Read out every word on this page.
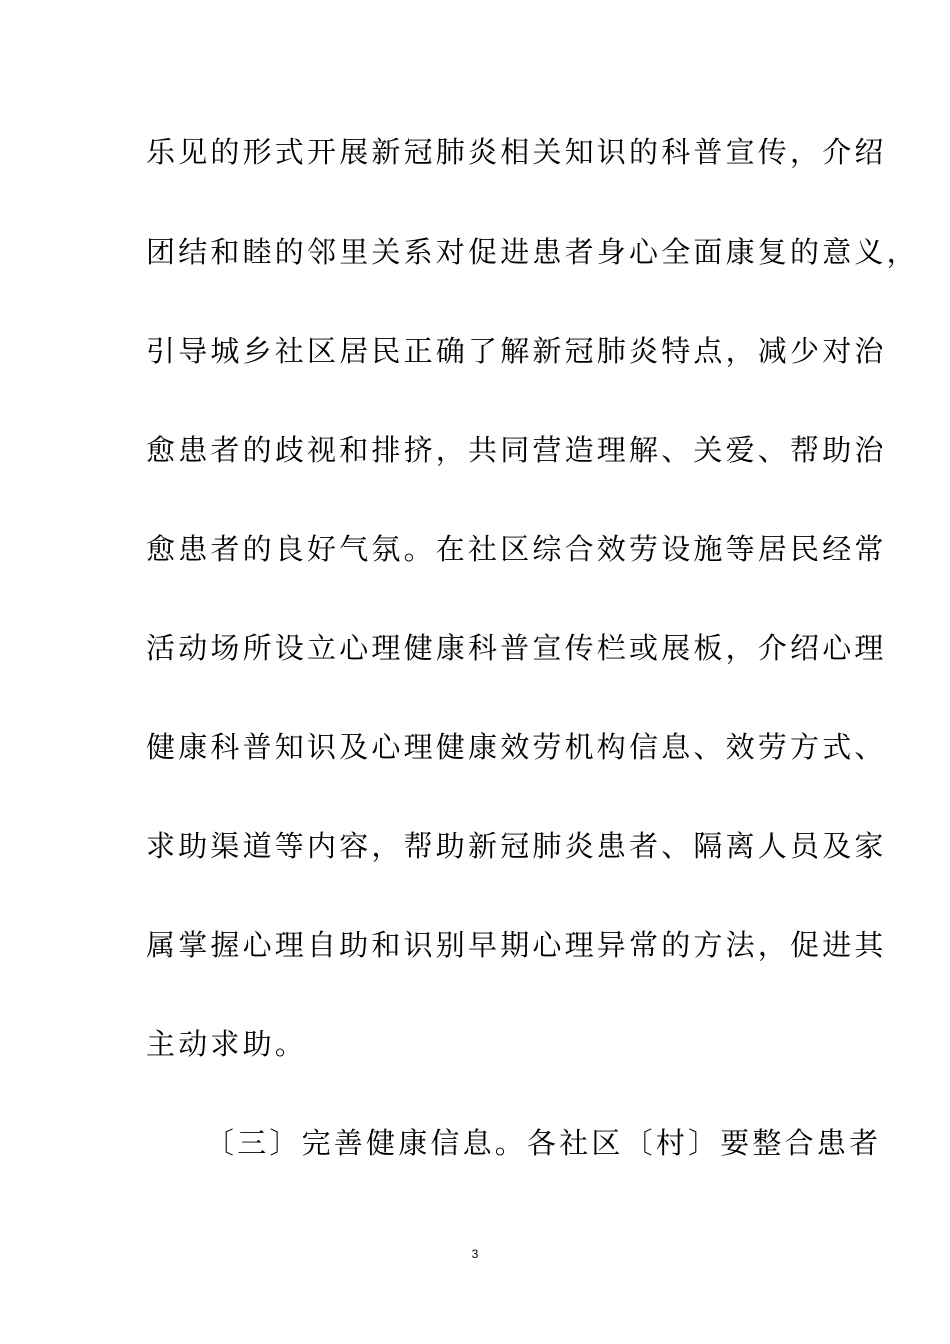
乐见的形式开展新冠肺炎相关知识的科普宣传，介绍
团结和睦的邻里关系对促进患者身心全面康复的意义，
引导城乡社区居民正确了解新冠肺炎特点，减少对治
愈患者的歧视和排挤，共同营造理解、关爱、帮助治
愈患者的良好气氛。在社区综合效劳设施等居民经常
活动场所设立心理健康科普宣传栏或展板，介绍心理
健康科普知识及心理健康效劳机构信息、效劳方式、
求助渠道等内容，帮助新冠肺炎患者、隔离人员及家
属掌握心理自助和识别早期心理异常的方法，促进其
主动求助。
〔三〕完善健康信息。各社区〔村〕要整合患者
3
